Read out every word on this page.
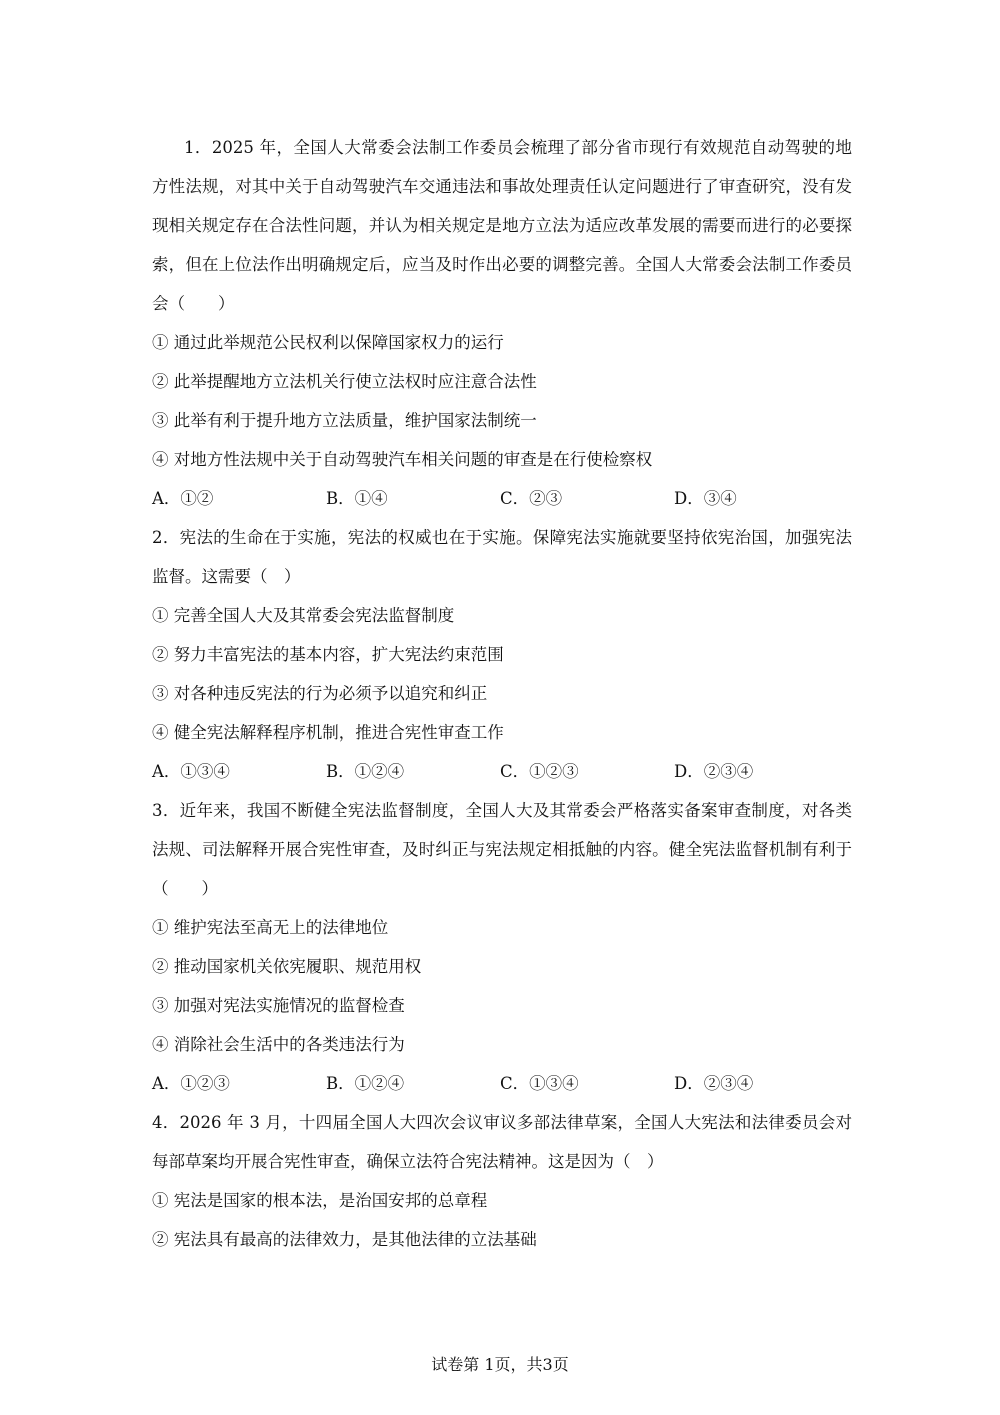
1．2025 年，全国人大常委会法制工作委员会梳理了部分省市现行有效规范自动驾驶的地方性法规，对其中关于自动驾驶汽车交通违法和事故处理责任认定问题进行了审查研究，没有发现相关规定存在合法性问题，并认为相关规定是地方立法为适应改革发展的需要而进行的必要探索，但在上位法作出明确规定后，应当及时作出必要的调整完善。全国人大常委会法制工作委员会（　　）

① 通过此举规范公民权利以保障国家权力的运行

② 此举提醒地方立法机关行使立法权时应注意合法性

③ 此举有利于提升地方立法质量，维护国家法制统一

④ 对地方性法规中关于自动驾驶汽车相关问题的审查是在行使检察权

A．①②	B．①④	C．②③	D．③④

2．宪法的生命在于实施，宪法的权威也在于实施。保障宪法实施就要坚持依宪治国，加强宪法监督。这需要（　）

① 完善全国人大及其常委会宪法监督制度

② 努力丰富宪法的基本内容，扩大宪法约束范围

③ 对各种违反宪法的行为必须予以追究和纠正

④ 健全宪法解释程序机制，推进合宪性审查工作

A．①③④	B．①②④	C．①②③	D．②③④

3．近年来，我国不断健全宪法监督制度，全国人大及其常委会严格落实备案审查制度，对各类法规、司法解释开展合宪性审查，及时纠正与宪法规定相抵触的内容。健全宪法监督机制有利于（　　）

① 维护宪法至高无上的法律地位

② 推动国家机关依宪履职、规范用权

③ 加强对宪法实施情况的监督检查

④ 消除社会生活中的各类违法行为

A．①②③	B．①②④	C．①③④	D．②③④

4．2026 年 3 月，十四届全国人大四次会议审议多部法律草案，全国人大宪法和法律委员会对每部草案均开展合宪性审查，确保立法符合宪法精神。这是因为（　）

① 宪法是国家的根本法，是治国安邦的总章程

② 宪法具有最高的法律效力，是其他法律的立法基础

试卷第 1页，共3页
